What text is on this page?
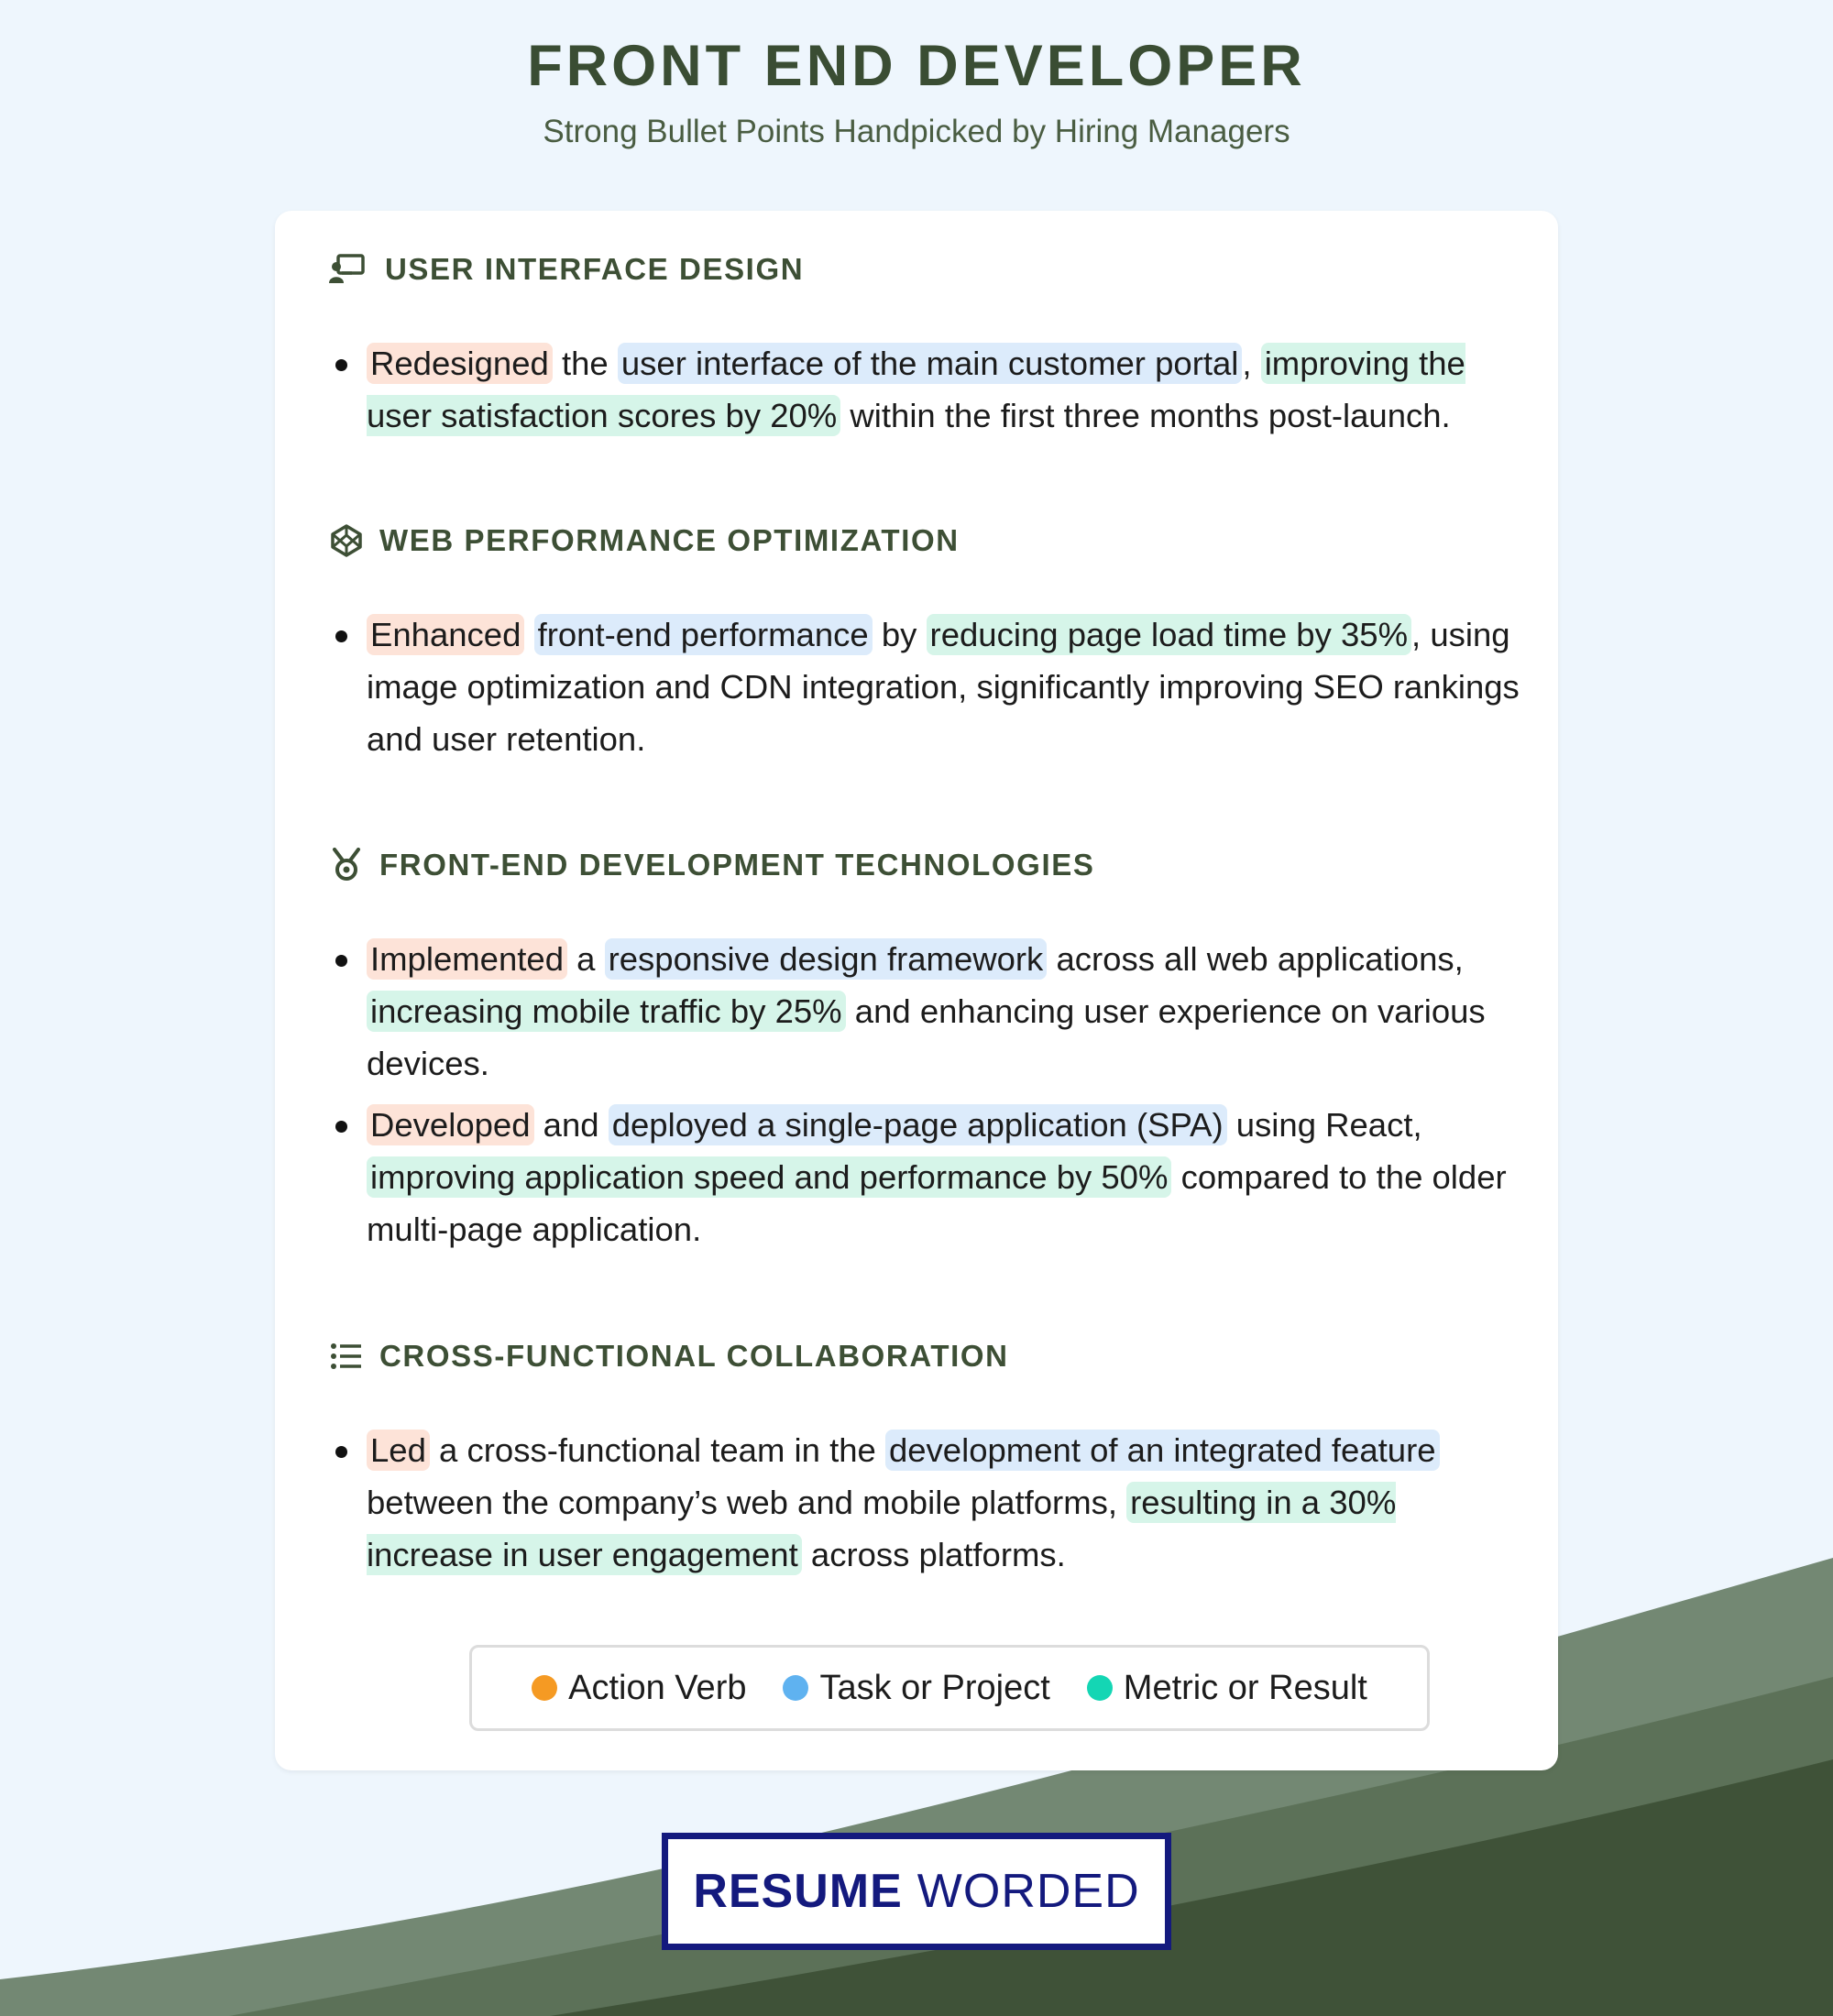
FRONT END DEVELOPER
Strong Bullet Points Handpicked by Hiring Managers
USER INTERFACE DESIGN
Redesigned the user interface of the main customer portal , improving the user satisfaction scores by 20% within the first three months post-launch.
WEB PERFORMANCE OPTIMIZATION
Enhanced front-end performance by reducing page load time by 35% , using image optimization and CDN integration, significantly improving SEO rankings and user retention.
FRONT-END DEVELOPMENT TECHNOLOGIES
Implemented a responsive design framework across all web applications, increasing mobile traffic by 25% and enhancing user experience on various devices.
Developed and deployed a single-page application (SPA) using React, improving application speed and performance by 50% compared to the older multi-page application.
CROSS-FUNCTIONAL COLLABORATION
Led a cross-functional team in the development of an integrated feature between the company’s web and mobile platforms, resulting in a 30% increase in user engagement across platforms.
Action Verb Task or Project Metric or Result
RESUME WORDED
